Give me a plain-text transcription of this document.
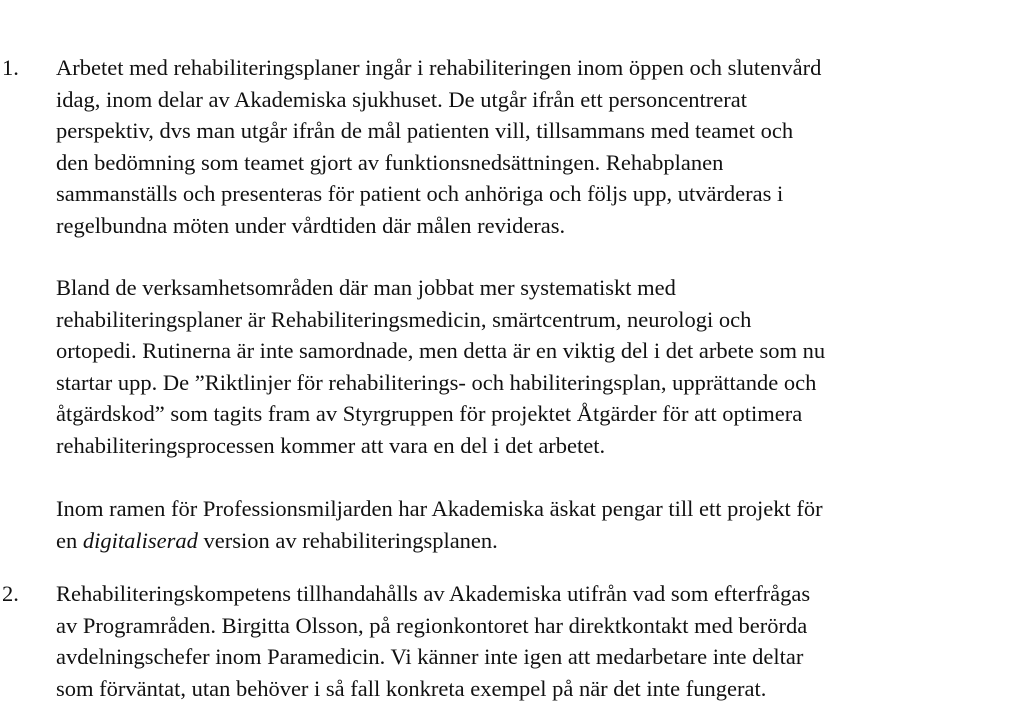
1. Arbetet med rehabiliteringsplaner ingår i rehabiliteringen inom öppen och slutenvård
idag, inom delar av Akademiska sjukhuset. De utgår ifrån ett personcentrerat
perspektiv, dvs man utgår ifrån de mål patienten vill, tillsammans med teamet och
den bedömning som teamet gjort av funktionsnedsättningen. Rehabplanen
sammanställs och presenteras för patient och anhöriga och följs upp, utvärderas i
regelbundna möten under vårdtiden där målen revideras.
Bland de verksamhetsområden där man jobbat mer systematiskt med
rehabiliteringsplaner är Rehabiliteringsmedicin, smärtcentrum, neurologi och
ortopedi. Rutinerna är inte samordnade, men detta är en viktig del i det arbete som nu
startar upp. De ”Riktlinjer för rehabiliterings- och habiliteringsplan, upprättande och
åtgärdskod” som tagits fram av Styrgruppen för projektet Åtgärder för att optimera
rehabiliteringsprocessen kommer att vara en del i det arbetet.
Inom ramen för Professionsmiljarden har Akademiska äskat pengar till ett projekt för
en digitaliserad version av rehabiliteringsplanen.
2. Rehabiliteringskompetens tillhandahålls av Akademiska utifrån vad som efterfrågas
av Programråden. Birgitta Olsson, på regionkontoret har direktkontakt med berörda
avdelningschefer inom Paramedicin. Vi känner inte igen att medarbetare inte deltar
som förväntat, utan behöver i så fall konkreta exempel på när det inte fungerat.
